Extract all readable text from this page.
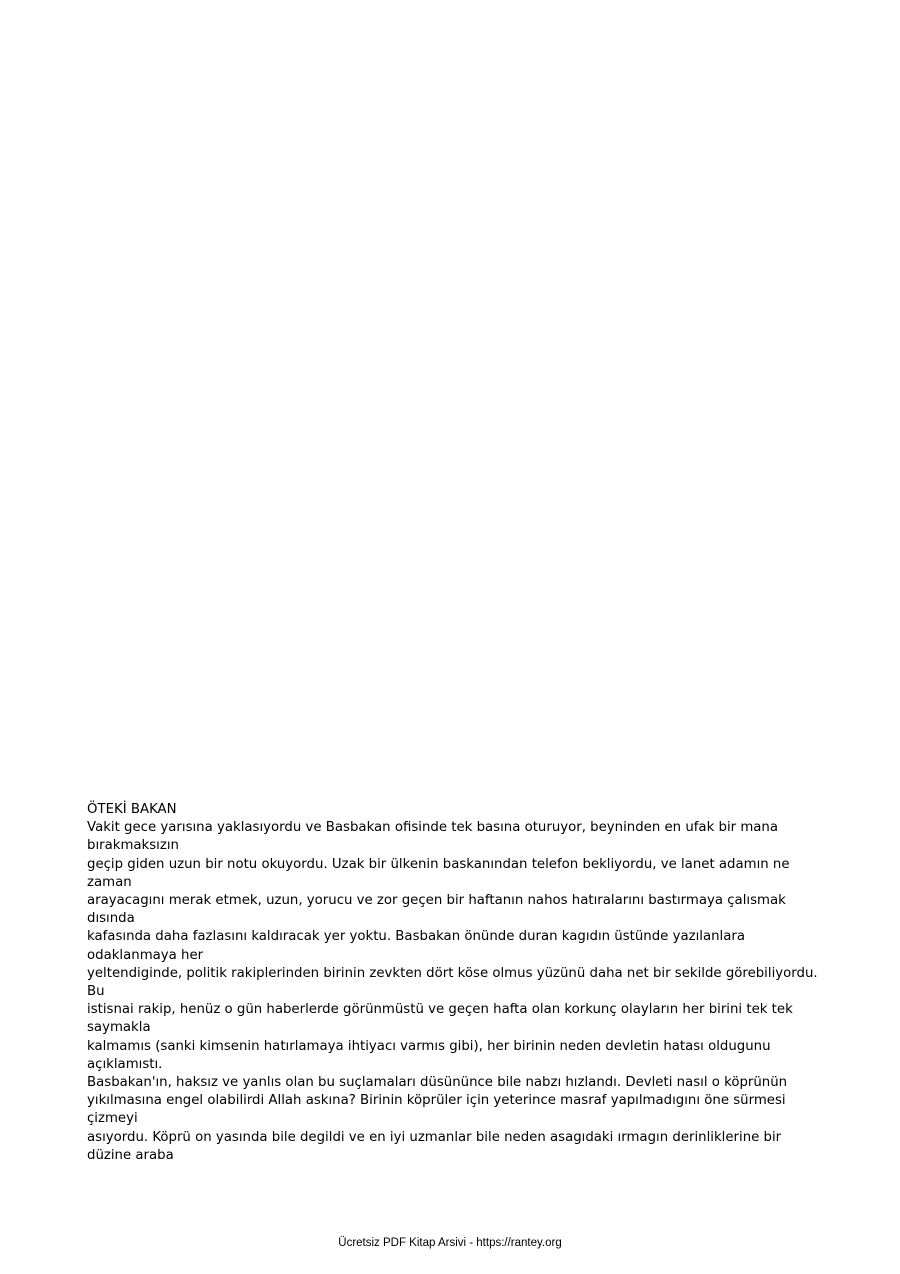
ÖTEKİ BAKAN
Vakit gece yarısına yaklasıyordu ve Basbakan ofisinde tek basına oturuyor, beyninden en ufak bir mana
bırakmaksızın
geçip giden uzun bir notu okuyordu. Uzak bir ülkenin baskanından telefon bekliyordu, ve lanet adamın ne
zaman
arayacagını merak etmek, uzun, yorucu ve zor geçen bir haftanın nahos hatıralarını bastırmaya çalısmak
dısında
kafasında daha fazlasını kaldıracak yer yoktu. Basbakan önünde duran kagıdın üstünde yazılanlara
odaklanmaya her
yeltendiginde, politik rakiplerinden birinin zevkten dört köse olmus yüzünü daha net bir sekilde görebiliyordu.
Bu
istisnai rakip, henüz o gün haberlerde görünmüstü ve geçen hafta olan korkunç olayların her birini tek tek
saymakla
kalmamıs (sanki kimsenin hatırlamaya ihtiyacı varmıs gibi), her birinin neden devletin hatası oldugunu
açıklamıstı.
Basbakan'ın, haksız ve yanlıs olan bu suçlamaları düsününce bile nabzı hızlandı. Devleti nasıl o köprünün
yıkılmasına engel olabilirdi Allah askına? Birinin köprüler için yeterince masraf yapılmadıgını öne sürmesi
çizmeyi
asıyordu. Köprü on yasında bile degildi ve en iyi uzmanlar bile neden asagıdaki ırmagın derinliklerine bir
düzine araba
Ücretsiz PDF Kitap Arsivi - https://rantey.org
